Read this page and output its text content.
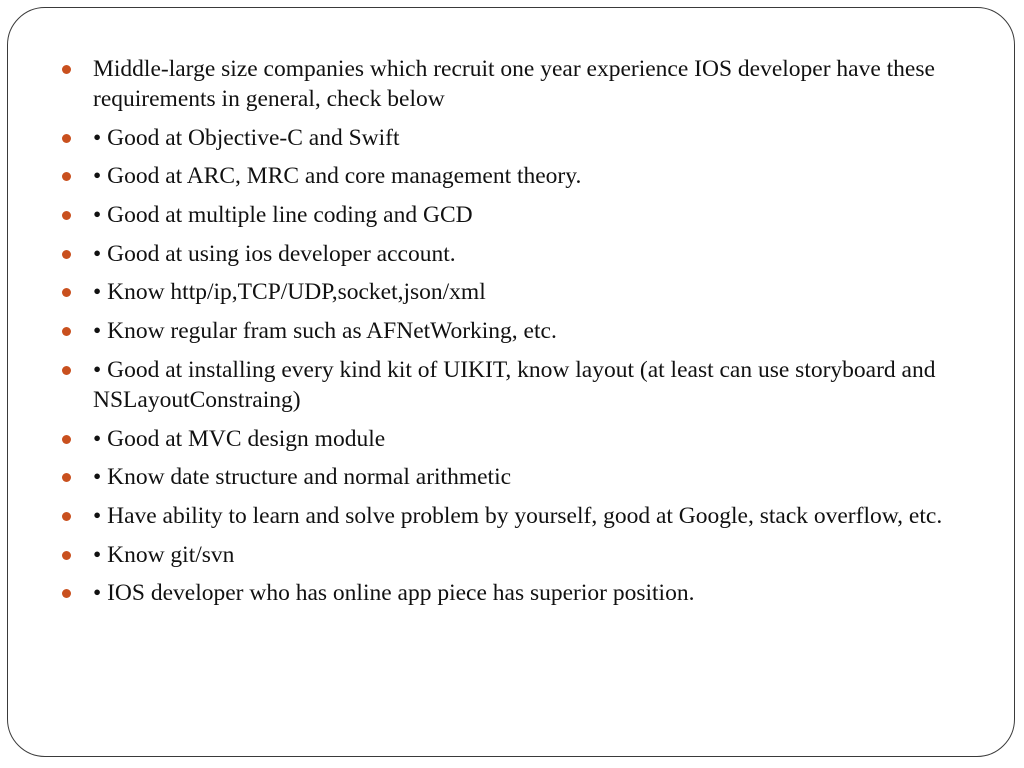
Middle-large size companies which recruit one year experience IOS developer have these requirements in general, check below
• Good at Objective-C and Swift
• Good at ARC, MRC and core management theory.
• Good at multiple line coding and GCD
• Good at using ios developer account.
• Know http/ip,TCP/UDP,socket,json/xml
• Know regular fram such as AFNetWorking, etc.
• Good at installing every kind kit of UIKIT, know layout (at least can use storyboard and NSLayoutConstraing)
• Good at MVC design module
• Know date structure and normal arithmetic
• Have ability to learn and solve problem by yourself, good at Google, stack overflow, etc.
• Know git/svn
• IOS developer who has online app piece has superior position.
